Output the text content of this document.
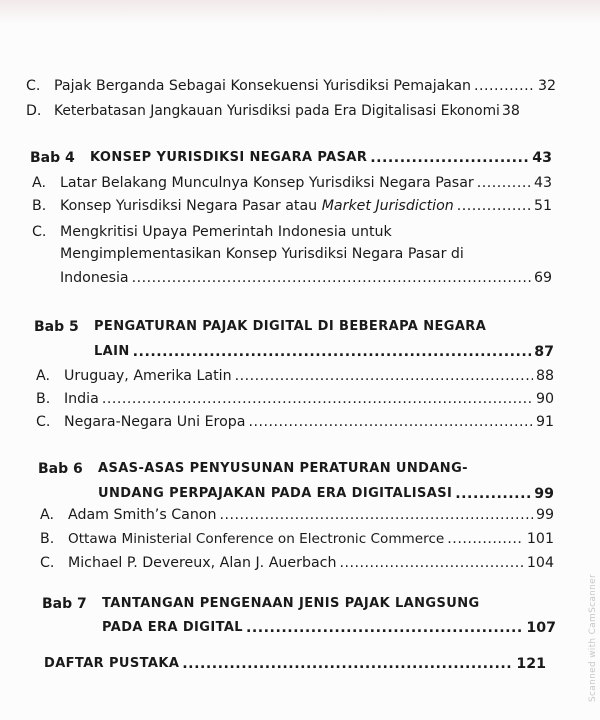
C. Pajak Berganda Sebagai Konsekuensi Yurisdiksi Pemajakan .....	32
D. Keterbatasan Jangkauan Yurisdiksi pada Era Digitalisasi Ekonomi 38
Bab 4	KONSEP YURISDIKSI NEGARA PASAR .....	43
A. Latar Belakang Munculnya Konsep Yurisdiksi Negara Pasar .....	43
B. Konsep Yurisdiksi Negara Pasar atau Market Jurisdiction .....	51
C. Mengkritisi Upaya Pemerintah Indonesia untuk
Mengimplementasikan Konsep Yurisdiksi Negara Pasar di
Indonesia .....	69
Bab 5	PENGATURAN PAJAK DIGITAL DI BEBERAPA NEGARA
LAIN .....	87
A. Uruguay, Amerika Latin .....	88
B. India .....	90
C. Negara-Negara Uni Eropa .....	91
Bab 6	ASAS-ASAS PENYUSUNAN PERATURAN UNDANG-
UNDANG PERPAJAKAN PADA ERA DIGITALISASI .....	99
A. Adam Smith’s Canon .....	99
B.	Ottawa Ministerial Conference on Electronic Commerce .....	101
C. Michael P. Devereux, Alan J. Auerbach .....	104
Bab 7	TANTANGAN PENGENAAN JENIS PAJAK LANGSUNG
PADA ERA DIGITAL .....	107
DAFTAR PUSTAKA .....	121	Scanned with CamScanner
